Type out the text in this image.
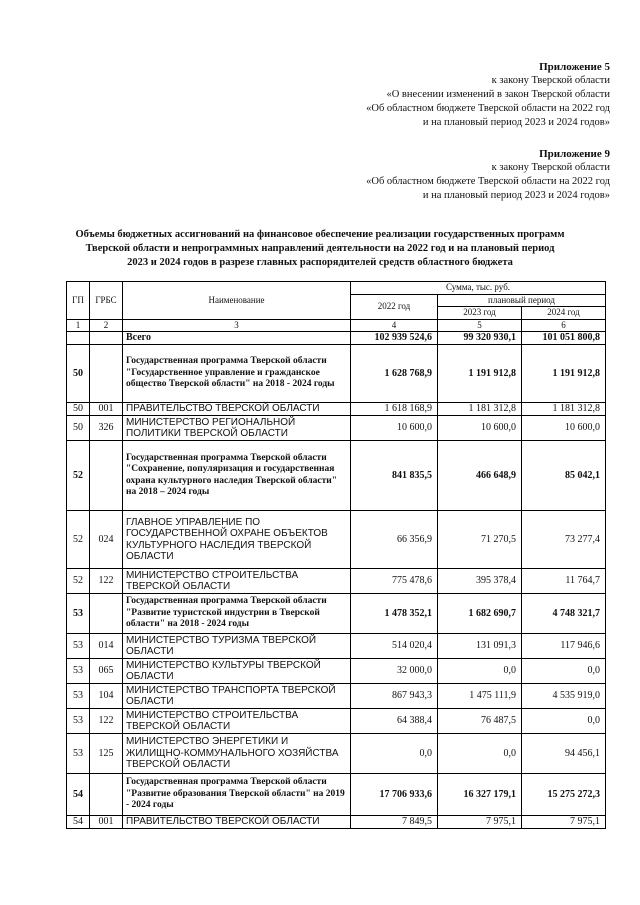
Приложение 5
к закону Тверской области
«О внесении изменений в закон Тверской области
«Об областном бюджете Тверской области на 2022 год
и на плановый период 2023 и 2024 годов»
Приложение 9
к закону Тверской области
«Об областном бюджете Тверской области на 2022 год
и на плановый период 2023 и 2024 годов»
Объемы бюджетных ассигнований на финансовое обеспечение реализации государственных программ
Тверской области и непрограммных направлений деятельности на 2022 год и на плановый период
2023 и 2024 годов в разрезе главных распорядителей средств областного бюджета
ГП	ГРБС	Наименование	Сумма, тыс. руб.		
			2022 год	плановый период	
				2023 год	2024 год
1	2	3	4	5	6
		Всего	102 939 524,6	99 320 930,1	101 051 800,8
50		Государственная программа Тверской области "Государственное управление и гражданское общество Тверской области" на 2018 - 2024 годы	1 628 768,9	1 191 912,8	1 191 912,8
50	001	ПРАВИТЕЛЬСТВО ТВЕРСКОЙ ОБЛАСТИ	1 618 168,9	1 181 312,8	1 181 312,8
50	326	МИНИСТЕРСТВО РЕГИОНАЛЬНОЙ ПОЛИТИКИ ТВЕРСКОЙ ОБЛАСТИ	10 600,0	10 600,0	10 600,0
52		Государственная программа Тверской области "Сохранение, популяризация и государственная охрана культурного наследия Тверской области" на 2018 – 2024 годы	841 835,5	466 648,9	85 042,1
52	024	ГЛАВНОЕ УПРАВЛЕНИЕ ПО ГОСУДАРСТВЕННОЙ ОХРАНЕ ОБЪЕКТОВ КУЛЬТУРНОГО НАСЛЕДИЯ ТВЕРСКОЙ ОБЛАСТИ	66 356,9	71 270,5	73 277,4
52	122	МИНИСТЕРСТВО СТРОИТЕЛЬСТВА ТВЕРСКОЙ ОБЛАСТИ	775 478,6	395 378,4	11 764,7
53		Государственная программа Тверской области "Развитие туристской индустрии в Тверской области" на 2018 - 2024 годы	1 478 352,1	1 682 690,7	4 748 321,7
53	014	МИНИСТЕРСТВО ТУРИЗМА ТВЕРСКОЙ ОБЛАСТИ	514 020,4	131 091,3	117 946,6
53	065	МИНИСТЕРСТВО КУЛЬТУРЫ ТВЕРСКОЙ ОБЛАСТИ	32 000,0	0,0	0,0
53	104	МИНИСТЕРСТВО ТРАНСПОРТА ТВЕРСКОЙ ОБЛАСТИ	867 943,3	1 475 111,9	4 535 919,0
53	122	МИНИСТЕРСТВО СТРОИТЕЛЬСТВА ТВЕРСКОЙ ОБЛАСТИ	64 388,4	76 487,5	0,0
53	125	МИНИСТЕРСТВО ЭНЕРГЕТИКИ И ЖИЛИЩНО-КОММУНАЛЬНОГО ХОЗЯЙСТВА ТВЕРСКОЙ ОБЛАСТИ	0,0	0,0	94 456,1
54		Государственная программа Тверской области "Развитие образования Тверской области" на 2019 - 2024 годы	17 706 933,6	16 327 179,1	15 275 272,3
54	001	ПРАВИТЕЛЬСТВО ТВЕРСКОЙ ОБЛАСТИ	7 849,5	7 975,1	7 975,1
